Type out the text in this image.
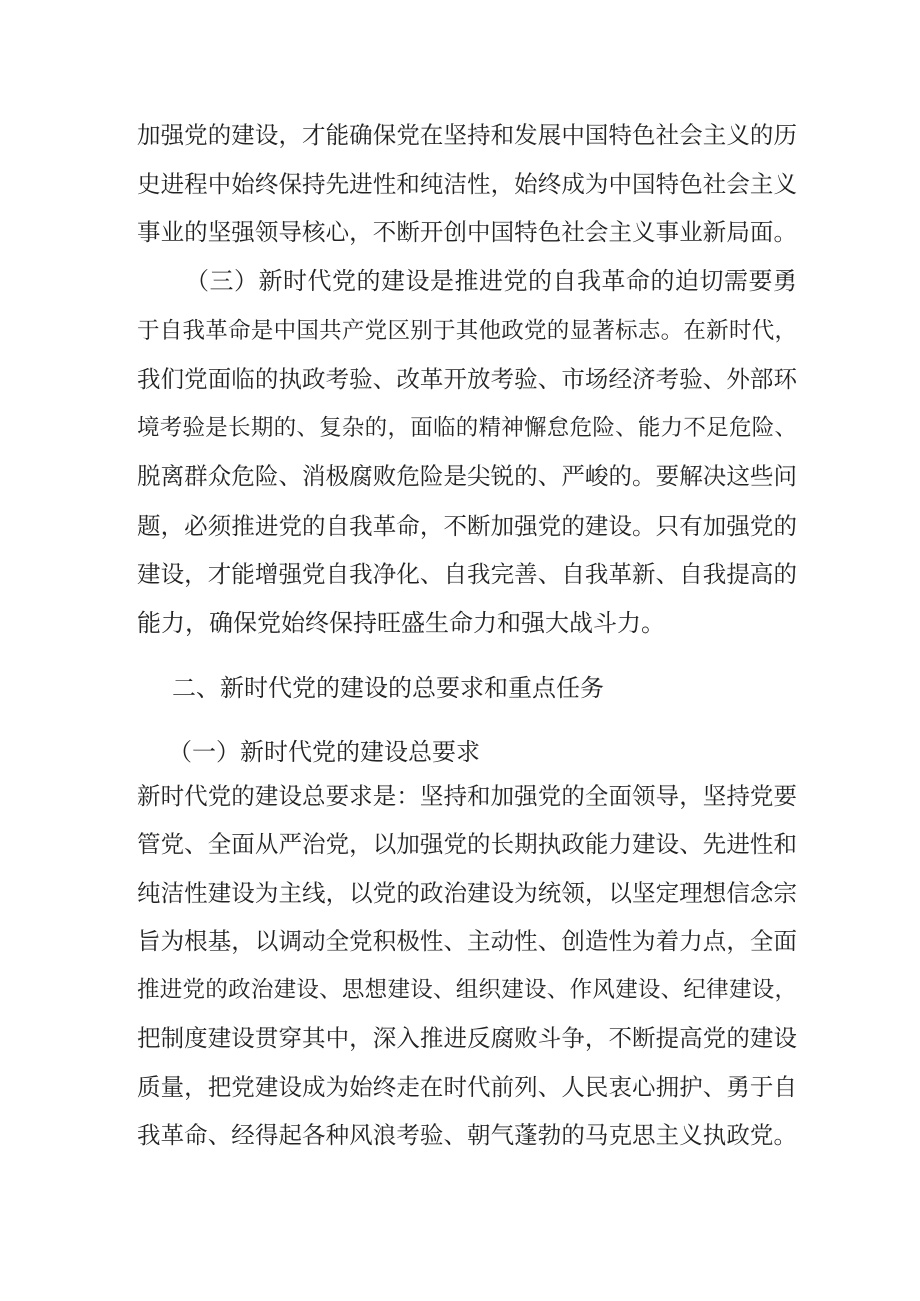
加强党的建设，才能确保党在坚持和发展中国特色社会主义的历
史进程中始终保持先进性和纯洁性，始终成为中国特色社会主义
事业的坚强领导核心，不断开创中国特色社会主义事业新局面。
（三）新时代党的建设是推进党的自我革命的迫切需要勇
于自我革命是中国共产党区别于其他政党的显著标志。在新时代，
我们党面临的执政考验、改革开放考验、市场经济考验、外部环
境考验是长期的、复杂的，面临的精神懈怠危险、能力不足危险、
脱离群众危险、消极腐败危险是尖锐的、严峻的。要解决这些问
题，必须推进党的自我革命，不断加强党的建设。只有加强党的
建设，才能增强党自我净化、自我完善、自我革新、自我提高的
能力，确保党始终保持旺盛生命力和强大战斗力。
二、新时代党的建设的总要求和重点任务
（一）新时代党的建设总要求
新时代党的建设总要求是：坚持和加强党的全面领导，坚持党要
管党、全面从严治党，以加强党的长期执政能力建设、先进性和
纯洁性建设为主线，以党的政治建设为统领，以坚定理想信念宗
旨为根基，以调动全党积极性、主动性、创造性为着力点，全面
推进党的政治建设、思想建设、组织建设、作风建设、纪律建设，
把制度建设贯穿其中，深入推进反腐败斗争，不断提高党的建设
质量，把党建设成为始终走在时代前列、人民衷心拥护、勇于自
我革命、经得起各种风浪考验、朝气蓬勃的马克思主义执政党。
